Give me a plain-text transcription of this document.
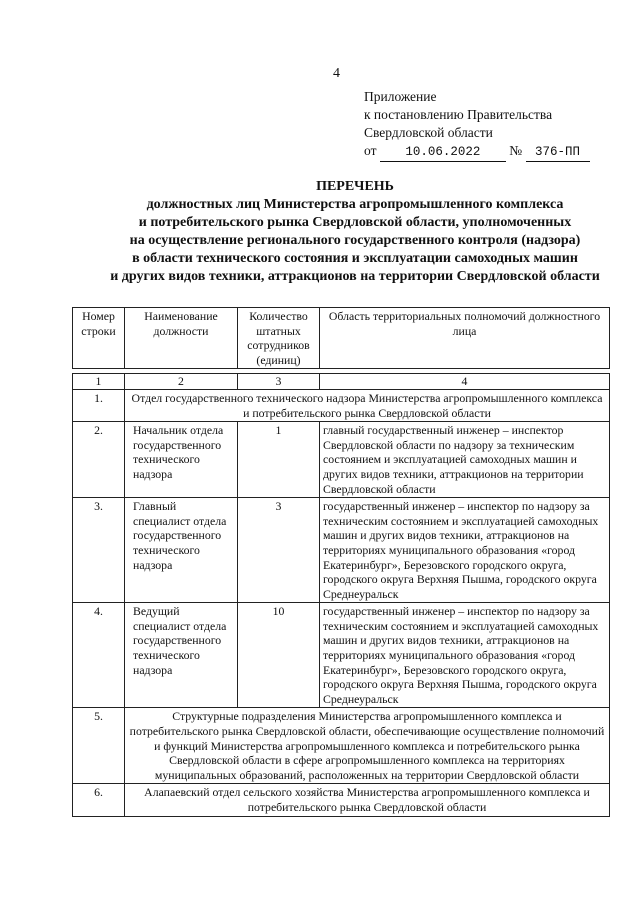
4
Приложение
к постановлению Правительства
Свердловской области
от 10.06.2022 № 376-ПП
ПЕРЕЧЕНЬ
должностных лиц Министерства агропромышленного комплекса
и потребительского рынка Свердловской области, уполномоченных
на осуществление регионального государственного контроля (надзора)
в области технического состояния и эксплуатации самоходных машин
и других видов техники, аттракционов на территории Свердловской области
Номер строки	Наименование должности	Количество штатных сотрудников (единиц)	Область территориальных полномочий должностного лица

1	2	3	4
1.	Отдел государственного технического надзора Министерства агропромышленного комплекса и потребительского рынка Свердловской области		
2.	Начальник отдела государственного технического надзора	1	главный государственный инженер – инспектор Свердловской области по надзору за техническим состоянием и эксплуатацией самоходных машин и других видов техники, аттракционов на территории Свердловской области
3.	Главный специалист отдела государственного технического надзора	3	государственный инженер – инспектор по надзору за техническим состоянием и эксплуатацией самоходных машин и других видов техники, аттракционов на территориях муниципального образования «город Екатеринбург», Березовского городского округа, городского округа Верхняя Пышма, городского округа Среднеуральск
4.	Ведущий специалист отдела государственного технического надзора	10	государственный инженер – инспектор по надзору за техническим состоянием и эксплуатацией самоходных машин и других видов техники, аттракционов на территориях муниципального образования «город Екатеринбург», Березовского городского округа, городского округа Верхняя Пышма, городского округа Среднеуральск
5.	Структурные подразделения Министерства агропромышленного комплекса и потребительского рынка Свердловской области, обеспечивающие осуществление полномочий и функций Министерства агропромышленного комплекса и потребительского рынка Свердловской области в сфере агропромышленного комплекса на территориях муниципальных образований, расположенных на территории Свердловской области		
6.	Алапаевский отдел сельского хозяйства Министерства агропромышленного комплекса и потребительского рынка Свердловской области		
